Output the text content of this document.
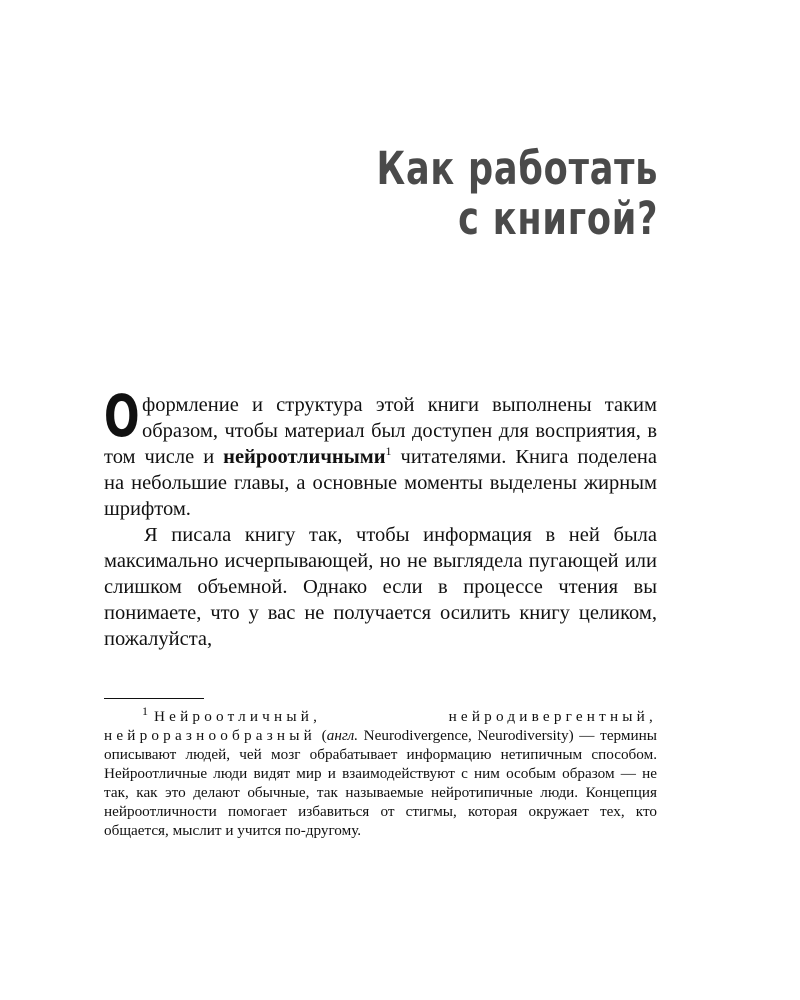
Как работать
с книгой?

Оформление и структура этой книги выполнены таким образом, чтобы материал был доступен для восприятия, в том числе и нейроотличными$^1$ читателями. Книга поделена на небольшие главы, а основные моменты выделены жирным шрифтом.

Я писала книгу так, чтобы информация в ней была максимально исчерпывающей, но не выглядела пугающей или слишком объемной. Однако если в процессе чтения вы понимаете, что у вас не получается осилить книгу целиком, пожалуйста,

$^1$ Нейроотличный, нейродивергентный, нейроразнообразный (англ. Neurodivergence, Neurodiversity) — термины описывают людей, чей мозг обрабатывает информацию нетипичным способом. Нейроотличные люди видят мир и взаимодействуют с ним особым образом — не так, как это делают обычные, так называемые нейротипичные люди. Концепция нейроотличности помогает избавиться от стигмы, которая окружает тех, кто общается, мыслит и учится по-другому.
